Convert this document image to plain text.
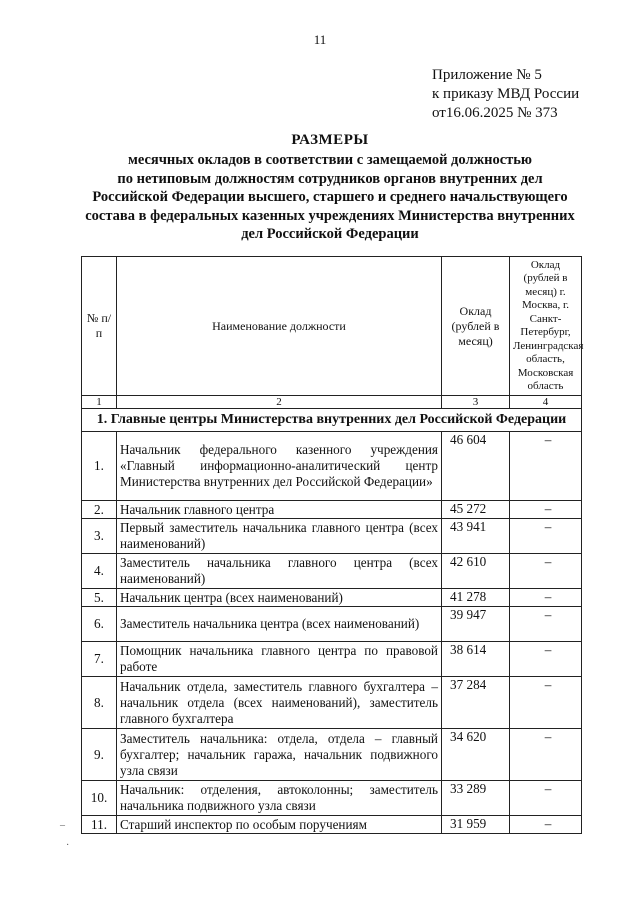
11
Приложение № 5
к приказу МВД России
от16.06.2025 № 373
РАЗМЕРЫ
месячных окладов в соответствии с замещаемой должностью
по нетиповым должностям сотрудников органов внутренних дел
Российской Федерации высшего, старшего и среднего начальствующего
состава в федеральных казенных учреждениях Министерства внутренних
дел Российской Федерации
№ п/п	Наименование должности	Оклад (рублей в месяц)	Оклад (рублей в месяц) г. Москва, г. Санкт-Петербург, Ленинградская область, Московская область
1	2	3	4
1. Главные центры Министерства внутренних дел Российской Федерации			
1.	Начальник федерального казенного учреждения «Главный информационно-аналитический центр Министерства внутренних дел Российской Федерации»	46 604	–
2.	Начальник главного центра	45 272	–
3.	Первый заместитель начальника главного центра (всех наименований)	43 941	–
4.	Заместитель начальника главного центра (всех наименований)	42 610	–
5.	Начальник центра (всех наименований)	41 278	–
6.	Заместитель начальника центра (всех наименований)	39 947	–
7.	Помощник начальника главного центра по правовой работе	38 614	–
8.	Начальник отдела, заместитель главного бухгалтера – начальник отдела (всех наименований), заместитель главного бухгалтера	37 284	–
9.	Заместитель начальника: отдела, отдела – главный бухгалтер; начальник гаража, начальник подвижного узла связи	34 620	–
10.	Начальник: отделения, автоколонны; заместитель начальника подвижного узла связи	33 289	–
11.	Старший инспектор по особым поручениям	31 959	–
–
·
